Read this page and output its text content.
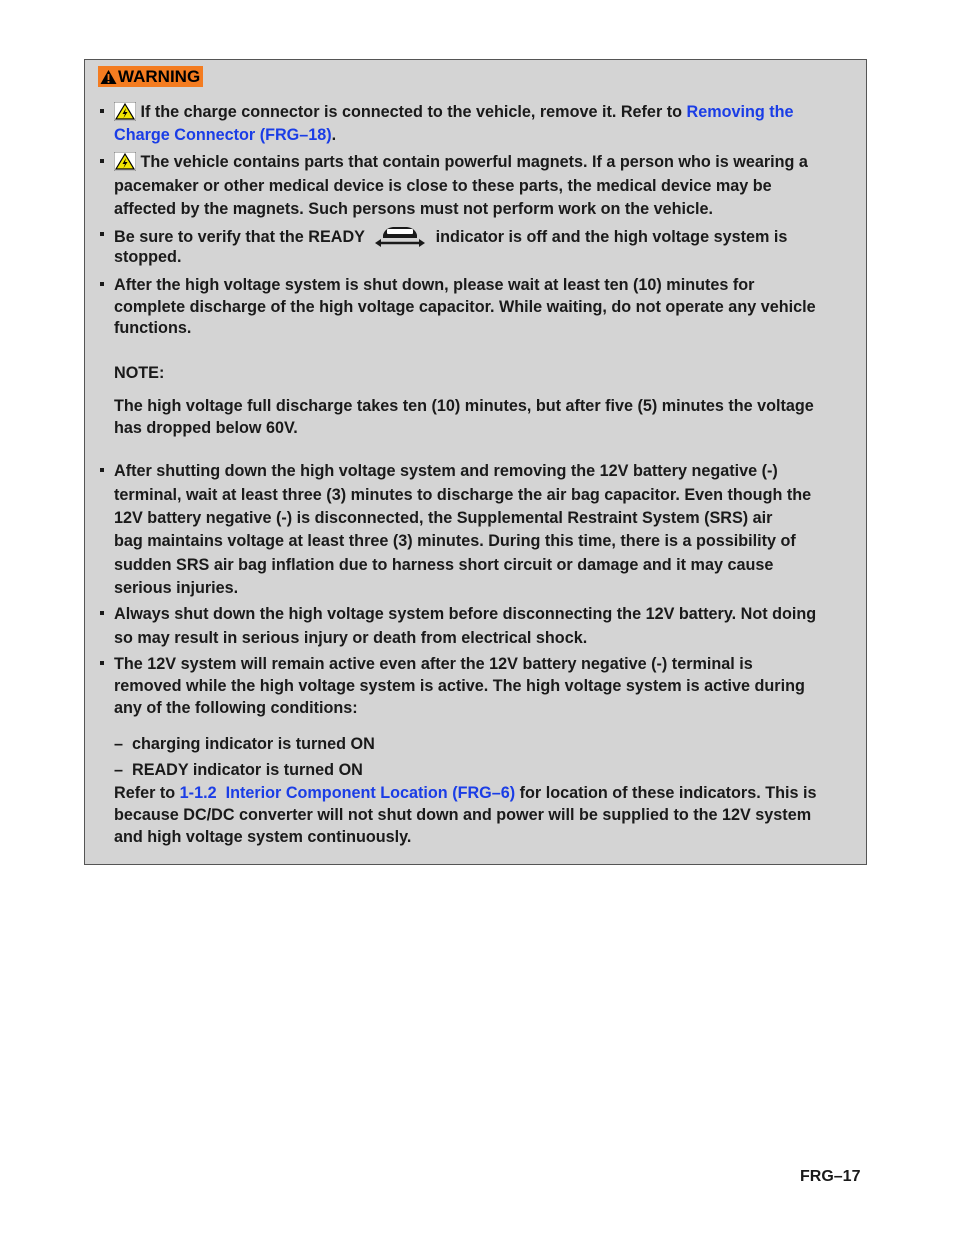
WARNING
If the charge connector is connected to the vehicle, remove it. Refer to Removing the
Charge Connector (FRG–18).
The vehicle contains parts that contain powerful magnets. If a person who is wearing a
pacemaker or other medical device is close to these parts, the medical device may be
affected by the magnets. Such persons must not perform work on the vehicle.
Be sure to verify that the READY	indicator is off and the high voltage system is
stopped.
After the high voltage system is shut down, please wait at least ten (10) minutes for
complete discharge of the high voltage capacitor. While waiting, do not operate any vehicle
functions.
NOTE:
The high voltage full discharge takes ten (10) minutes, but after five (5) minutes the voltage
has dropped below 60V.
After shutting down the high voltage system and removing the 12V battery negative (-)
terminal, wait at least three (3) minutes to discharge the air bag capacitor. Even though the
12V battery negative (-) is disconnected, the Supplemental Restraint System (SRS) air
bag maintains voltage at least three (3) minutes. During this time, there is a possibility of
sudden SRS air bag inflation due to harness short circuit or damage and it may cause
serious injuries.
Always shut down the high voltage system before disconnecting the 12V battery. Not doing
so may result in serious injury or death from electrical shock.
The 12V system will remain active even after the 12V battery negative (-) terminal is
removed while the high voltage system is active. The high voltage system is active during
any of the following conditions:
–  charging indicator is turned ON
–  READY indicator is turned ON
Refer to 1-1.2 Interior Component Location (FRG–6) for location of these indicators. This is
because DC/DC converter will not shut down and power will be supplied to the 12V system
and high voltage system continuously.
FRG–17
